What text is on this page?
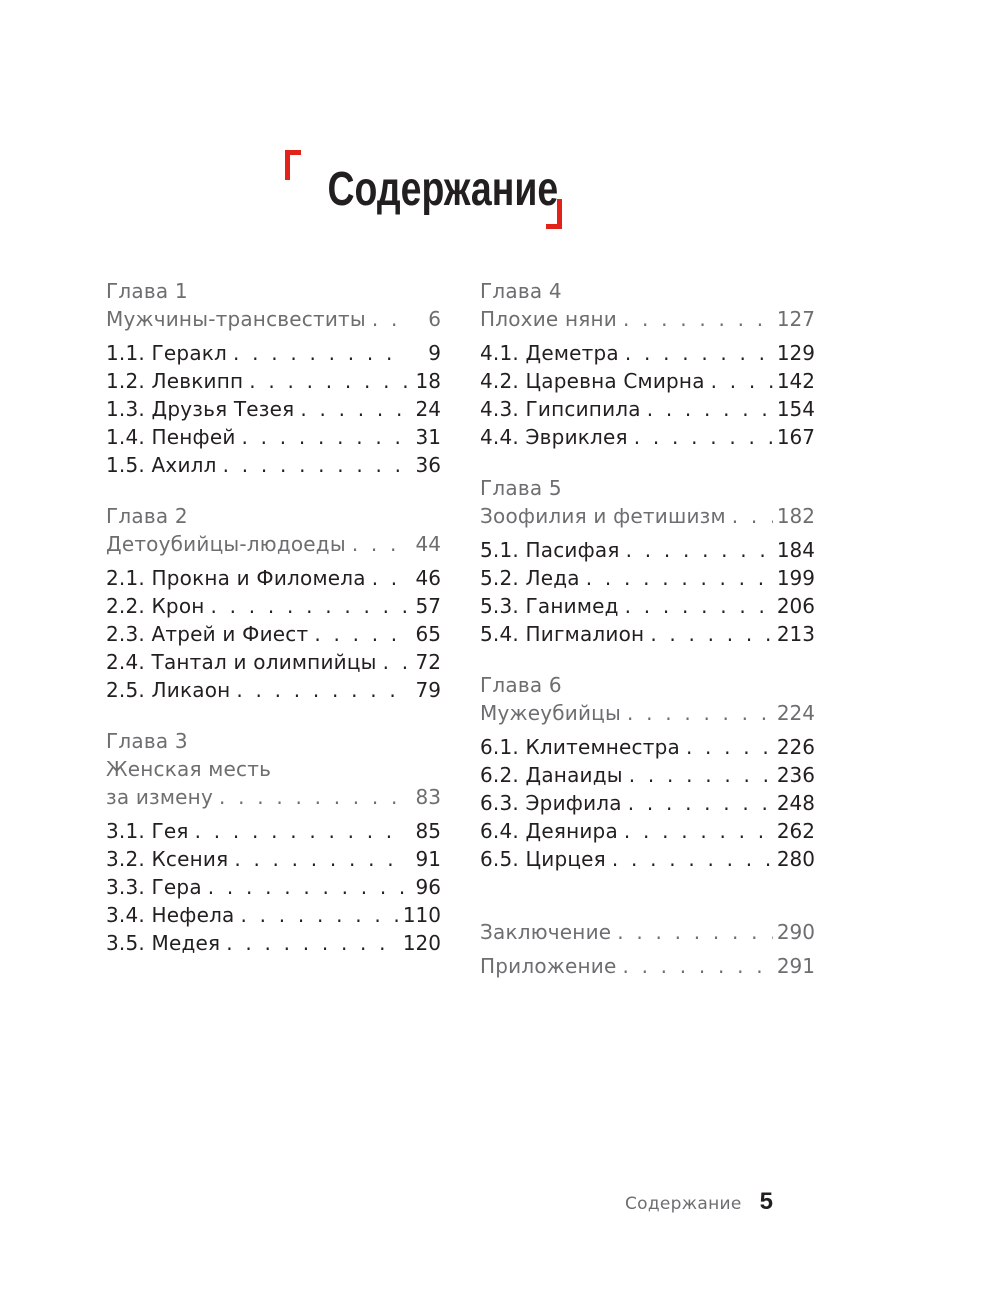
Содержание
Глава 1
Мужчины-трансвеститы . . .	6
1.1. Геракл . . .	9
1.2. Левкипп . . .	18
1.3. Друзья Тезея . . .	24
1.4. Пенфей . . .	31
1.5. Ахилл . . .	36
Глава 2
Детоубийцы-людоеды . . .	44
2.1. Прокна и Филомела . . . 46
2.2. Крон . . .	57
2.3. Атрей и Фиест . . .	65
2.4. Тантал и олимпийцы . . . 72
2.5. Ликаон . . .	79
Глава 3
Женская месть
за измену . . .	83
3.1. Гея . . .	85
3.2. Ксения . . .	91
3.3. Гера . . .	96
3.4. Нефела . . .	110
3.5. Медея . . .	120
Глава 4
Плохие няни . . .	127
4.1. Деметра . . .	129
4.2. Царевна Смирна . . .	142
4.3. Гипсипила . . .	154
4.4. Эвриклея . . .	167
Глава 5
Зоофилия и фетишизм . . .	182
5.1. Пасифая . . .	184
5.2. Леда . . .	199
5.3. Ганимед . . .	206
5.4. Пигмалион . . .	213
Глава 6
Мужеубийцы . . .	224
6.1. Клитемнестра . . .	226
6.2. Данаиды . . .	236
6.3. Эрифила . . .	248
6.4. Деянира . . .	262
6.5. Цирцея . . .	280
Заключение . . .	290
Приложение . . .	291
Содержание 5
